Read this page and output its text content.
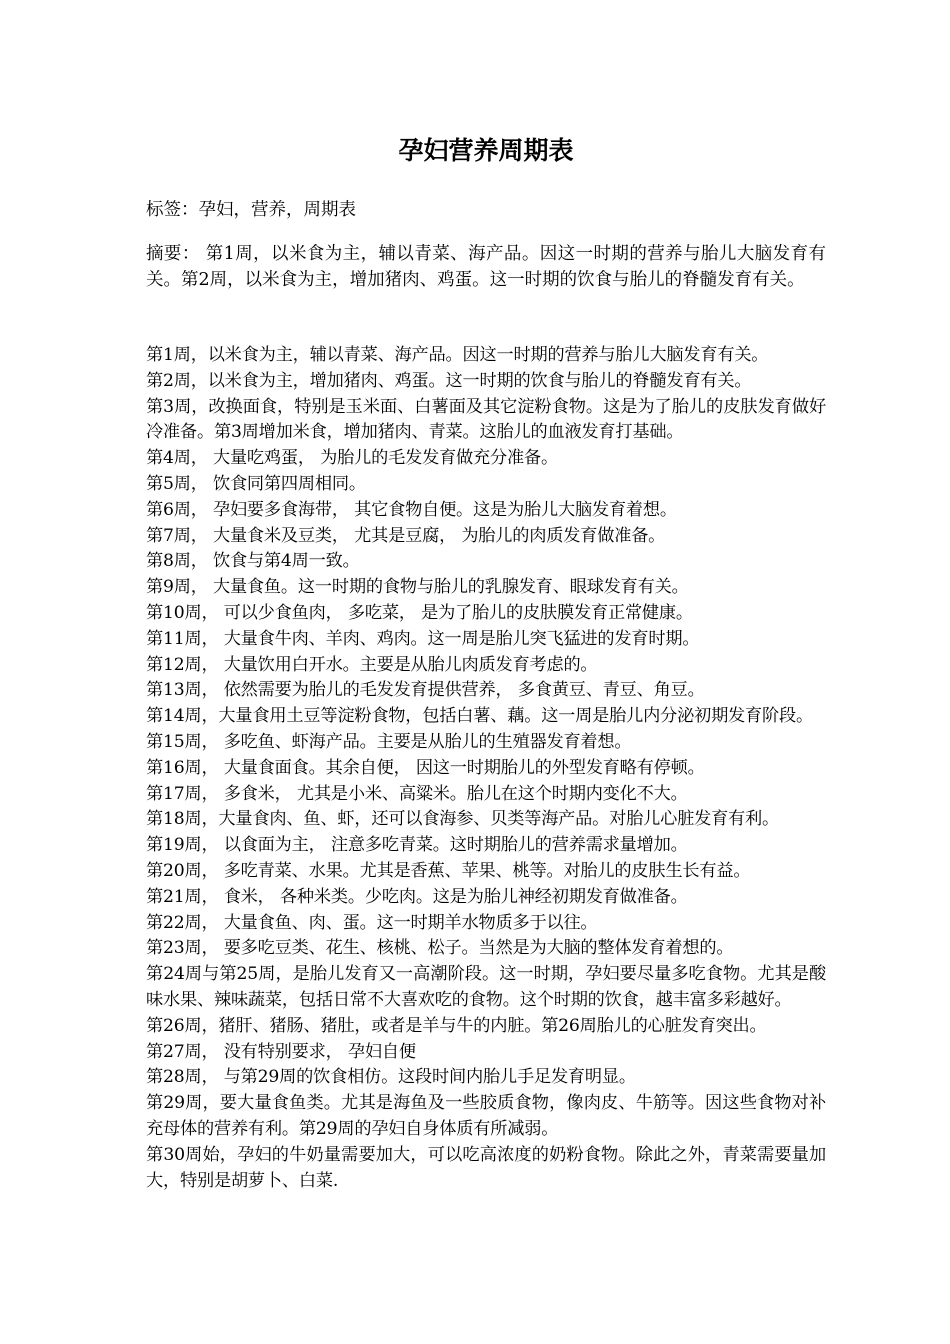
孕妇营养周期表

标签：孕妇，营养，周期表

摘要： 第1周，以米食为主，辅以青菜、海产品。因这一时期的营养与胎儿大脑发育有关。第2周，以米食为主，增加猪肉、鸡蛋。这一时期的饮食与胎儿的脊髓发育有关。

第1周，以米食为主，辅以青菜、海产品。因这一时期的营养与胎儿大脑发育有关。
第2周，以米食为主，增加猪肉、鸡蛋。这一时期的饮食与胎儿的脊髓发育有关。
第3周，改换面食，特别是玉米面、白薯面及其它淀粉食物。这是为了胎儿的皮肤发育做好冷准备。第3周增加米食，增加猪肉、青菜。这胎儿的血液发育打基础。
第4周， 大量吃鸡蛋， 为胎儿的毛发发育做充分准备。
第5周， 饮食同第四周相同。
第6周， 孕妇要多食海带， 其它食物自便。这是为胎儿大脑发育着想。
第7周， 大量食米及豆类， 尤其是豆腐， 为胎儿的肉质发育做准备。
第8周， 饮食与第4周一致。
第9周， 大量食鱼。这一时期的食物与胎儿的乳腺发育、眼球发育有关。
第10周， 可以少食鱼肉， 多吃菜， 是为了胎儿的皮肤膜发育正常健康。
第11周， 大量食牛肉、羊肉、鸡肉。这一周是胎儿突飞猛进的发育时期。
第12周， 大量饮用白开水。主要是从胎儿肉质发育考虑的。
第13周， 依然需要为胎儿的毛发发育提供营养， 多食黄豆、青豆、角豆。
第14周，大量食用土豆等淀粉食物，包括白薯、藕。这一周是胎儿内分泌初期发育阶段。
第15周， 多吃鱼、虾海产品。主要是从胎儿的生殖器发育着想。
第16周， 大量食面食。其余自便， 因这一时期胎儿的外型发育略有停顿。
第17周， 多食米， 尤其是小米、高粱米。胎儿在这个时期内变化不大。
第18周，大量食肉、鱼、虾，还可以食海参、贝类等海产品。对胎儿心脏发育有利。
第19周， 以食面为主， 注意多吃青菜。这时期胎儿的营养需求量增加。
第20周， 多吃青菜、水果。尤其是香蕉、苹果、桃等。对胎儿的皮肤生长有益。
第21周， 食米， 各种米类。少吃肉。这是为胎儿神经初期发育做准备。
第22周， 大量食鱼、肉、蛋。这一时期羊水物质多于以往。
第23周， 要多吃豆类、花生、核桃、松子。当然是为大脑的整体发育着想的。
第24周与第25周，是胎儿发育又一高潮阶段。这一时期，孕妇要尽量多吃食物。尤其是酸味水果、辣味蔬菜，包括日常不大喜欢吃的食物。这个时期的饮食，越丰富多彩越好。
第26周，猪肝、猪肠、猪肚，或者是羊与牛的内脏。第26周胎儿的心脏发育突出。
第27周， 没有特别要求， 孕妇自便
第28周， 与第29周的饮食相仿。这段时间内胎儿手足发育明显。
第29周，要大量食鱼类。尤其是海鱼及一些胶质食物，像肉皮、牛筋等。因这些食物对补充母体的营养有利。第29周的孕妇自身体质有所减弱。
第30周始，孕妇的牛奶量需要加大，可以吃高浓度的奶粉食物。除此之外，青菜需要量加大，特别是胡萝卜、白菜.
